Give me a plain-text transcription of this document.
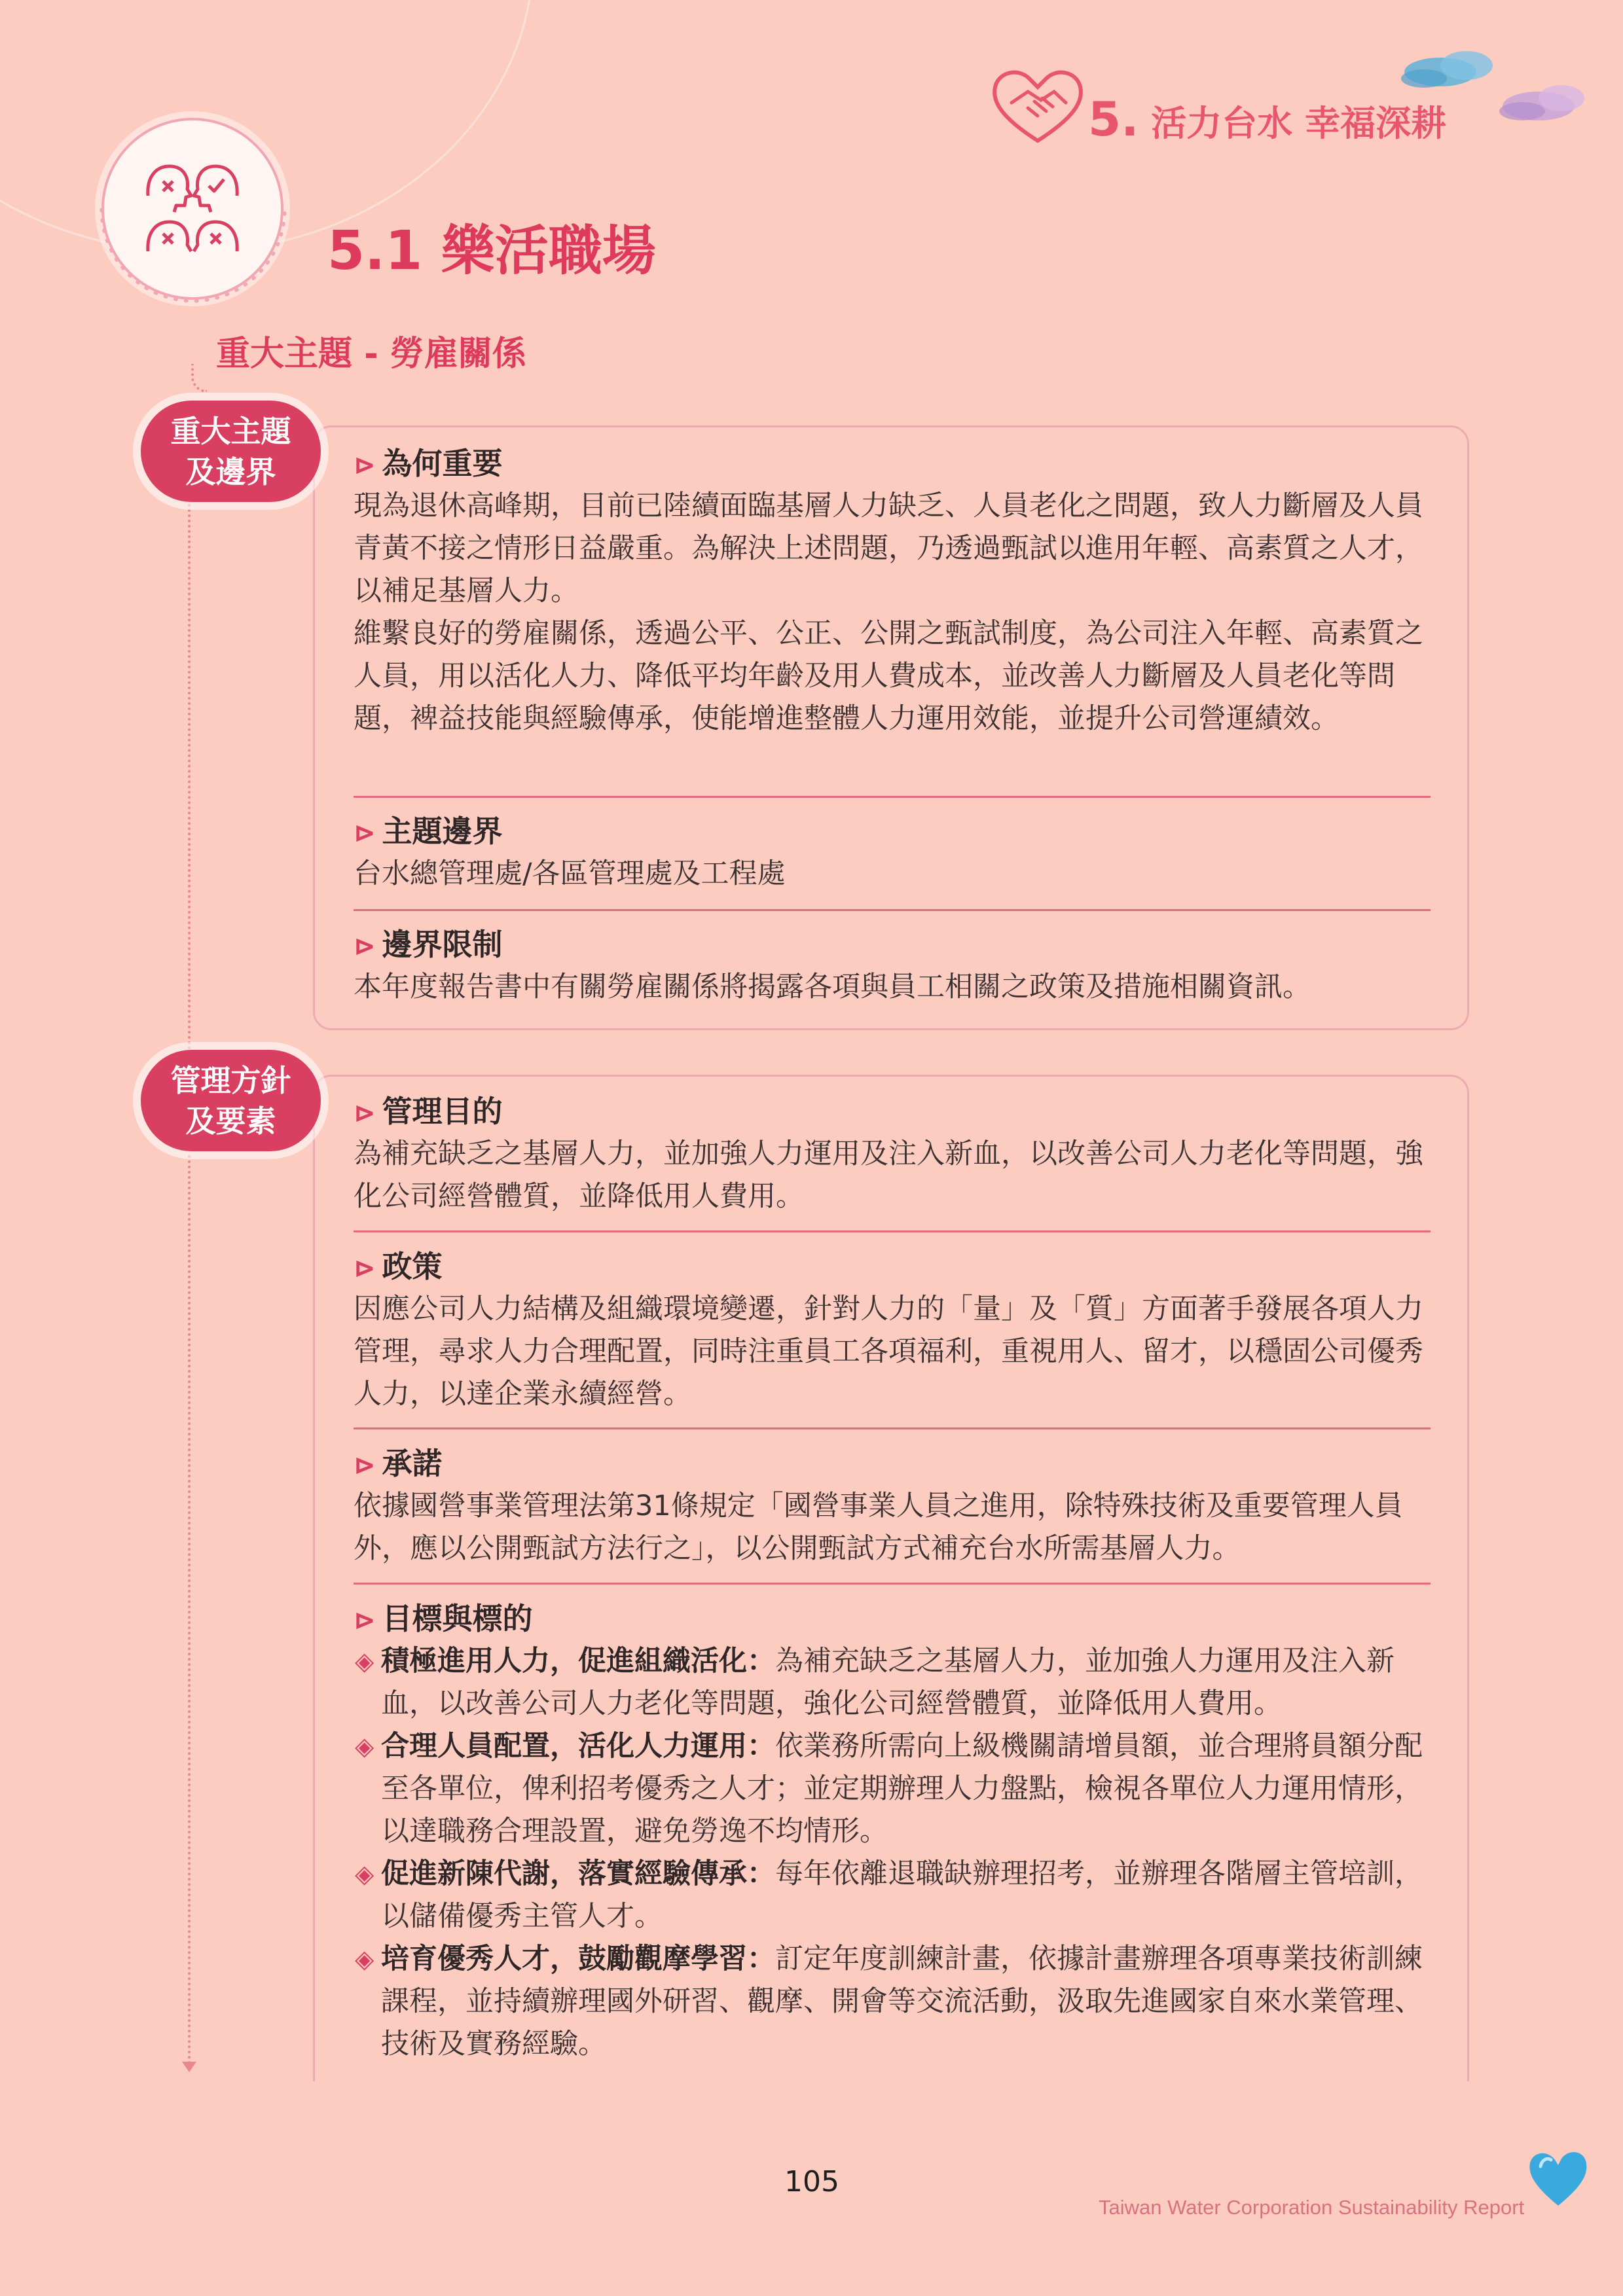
5. 活力台水 幸福深耕
5.1 樂活職場
重大主題 - 勞雇關係
重大主題
及邊界	⊳ 為何重要
現為退休高峰期，目前已陸續面臨基層人力缺乏、人員老化之問題，致人力斷層及人員青黃不接之情形日益嚴重。為解決上述問題，乃透過甄試以進用年輕、高素質之人才，以補足基層人力。
維繫良好的勞雇關係，透過公平、公正、公開之甄試制度，為公司注入年輕、高素質之人員，用以活化人力、降低平均年齡及用人費成本，並改善人力斷層及人員老化等問題，裨益技能與經驗傳承，使能增進整體人力運用效能，並提升公司營運績效。
⊳ 主題邊界
台水總管理處/各區管理處及工程處
⊳ 邊界限制
本年度報告書中有關勞雇關係將揭露各項與員工相關之政策及措施相關資訊。
管理方針
及要素	⊳ 管理目的
為補充缺乏之基層人力，並加強人力運用及注入新血，以改善公司人力老化等問題，強化公司經營體質，並降低用人費用。
⊳ 政策
因應公司人力結構及組織環境變遷，針對人力的「量」及「質」方面著手發展各項人力管理，尋求人力合理配置，同時注重員工各項福利，重視用人、留才，以穩固公司優秀人力，以達企業永續經營。
⊳ 承諾
依據國營事業管理法第31條規定「國營事業人員之進用，除特殊技術及重要管理人員外，應以公開甄試方法行之」，以公開甄試方式補充台水所需基層人力。
⊳ 目標與標的
◈ 積極進用人力，促進組織活化：為補充缺乏之基層人力，並加強人力運用及注入新血，以改善公司人力老化等問題，強化公司經營體質，並降低用人費用。
◈ 合理人員配置，活化人力運用：依業務所需向上級機關請增員額，並合理將員額分配至各單位，俾利招考優秀之人才；並定期辦理人力盤點，檢視各單位人力運用情形，以達職務合理設置，避免勞逸不均情形。
◈ 促進新陳代謝，落實經驗傳承：每年依離退職缺辦理招考，並辦理各階層主管培訓，以儲備優秀主管人才。
◈ 培育優秀人才，鼓勵觀摩學習：訂定年度訓練計畫，依據計畫辦理各項專業技術訓練課程，並持續辦理國外研習、觀摩、開會等交流活動，汲取先進國家自來水業管理、技術及實務經驗。
105
Taiwan Water Corporation Sustainability Report
